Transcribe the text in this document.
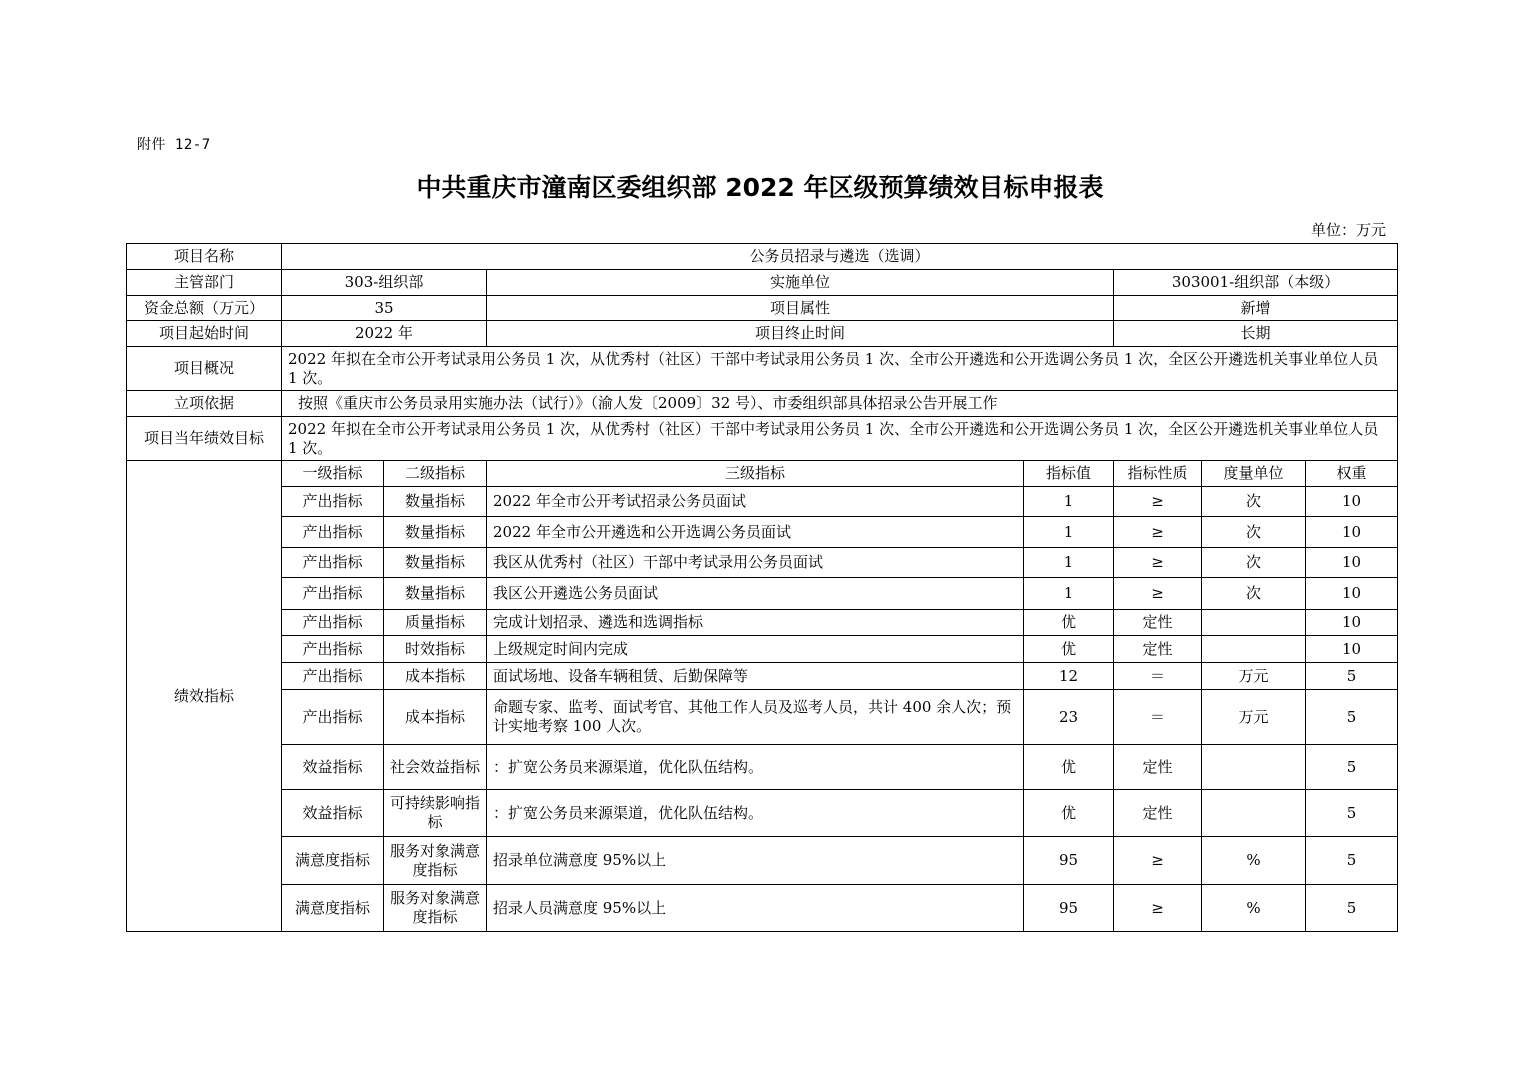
附件 12-7
中共重庆市潼南区委组织部 2022 年区级预算绩效目标申报表
单位：万元
项目名称	公务员招录与遴选（选调）						
主管部门	303-组织部		实施单位		303001-组织部（本级）		
资金总额（万元）	35		项目属性		新增		
项目起始时间	2022 年		项目终止时间		长期		
项目概况	2022 年拟在全市公开考试录用公务员 1 次，从优秀村（社区）干部中考试录用公务员 1 次、全市公开遴选和公开选调公务员 1 次，全区公开遴选机关事业单位人员 1 次。						
立项依据	按照《重庆市公务员录用实施办法（试行）》（渝人发〔2009〕32 号）、市委组织部具体招录公告开展工作						
项目当年绩效目标	2022 年拟在全市公开考试录用公务员 1 次，从优秀村（社区）干部中考试录用公务员 1 次、全市公开遴选和公开选调公务员 1 次，全区公开遴选机关事业单位人员 1 次。						
绩效指标	一级指标	二级指标	三级指标	指标值	指标性质	度量单位	权重
	产出指标	数量指标	2022 年全市公开考试招录公务员面试	1	≥	次	10
	产出指标	数量指标	2022 年全市公开遴选和公开选调公务员面试	1	≥	次	10
	产出指标	数量指标	我区从优秀村（社区）干部中考试录用公务员面试	1	≥	次	10
	产出指标	数量指标	我区公开遴选公务员面试	1	≥	次	10
	产出指标	质量指标	完成计划招录、遴选和选调指标	优	定性		10
	产出指标	时效指标	上级规定时间内完成	优	定性		10
	产出指标	成本指标	面试场地、设备车辆租赁、后勤保障等	12	＝	万元	5
	产出指标	成本指标	命题专家、监考、面试考官、其他工作人员及巡考人员，共计 400 余人次；预计实地考察 100 人次。	23	＝	万元	5
	效益指标	社会效益指标	：扩宽公务员来源渠道，优化队伍结构。	优	定性		5
	效益指标	可持续影响指标	：扩宽公务员来源渠道，优化队伍结构。	优	定性		5
	满意度指标	服务对象满意度指标	招录单位满意度 95%以上	95	≥	%	5
	满意度指标	服务对象满意度指标	招录人员满意度 95%以上	95	≥	%	5
